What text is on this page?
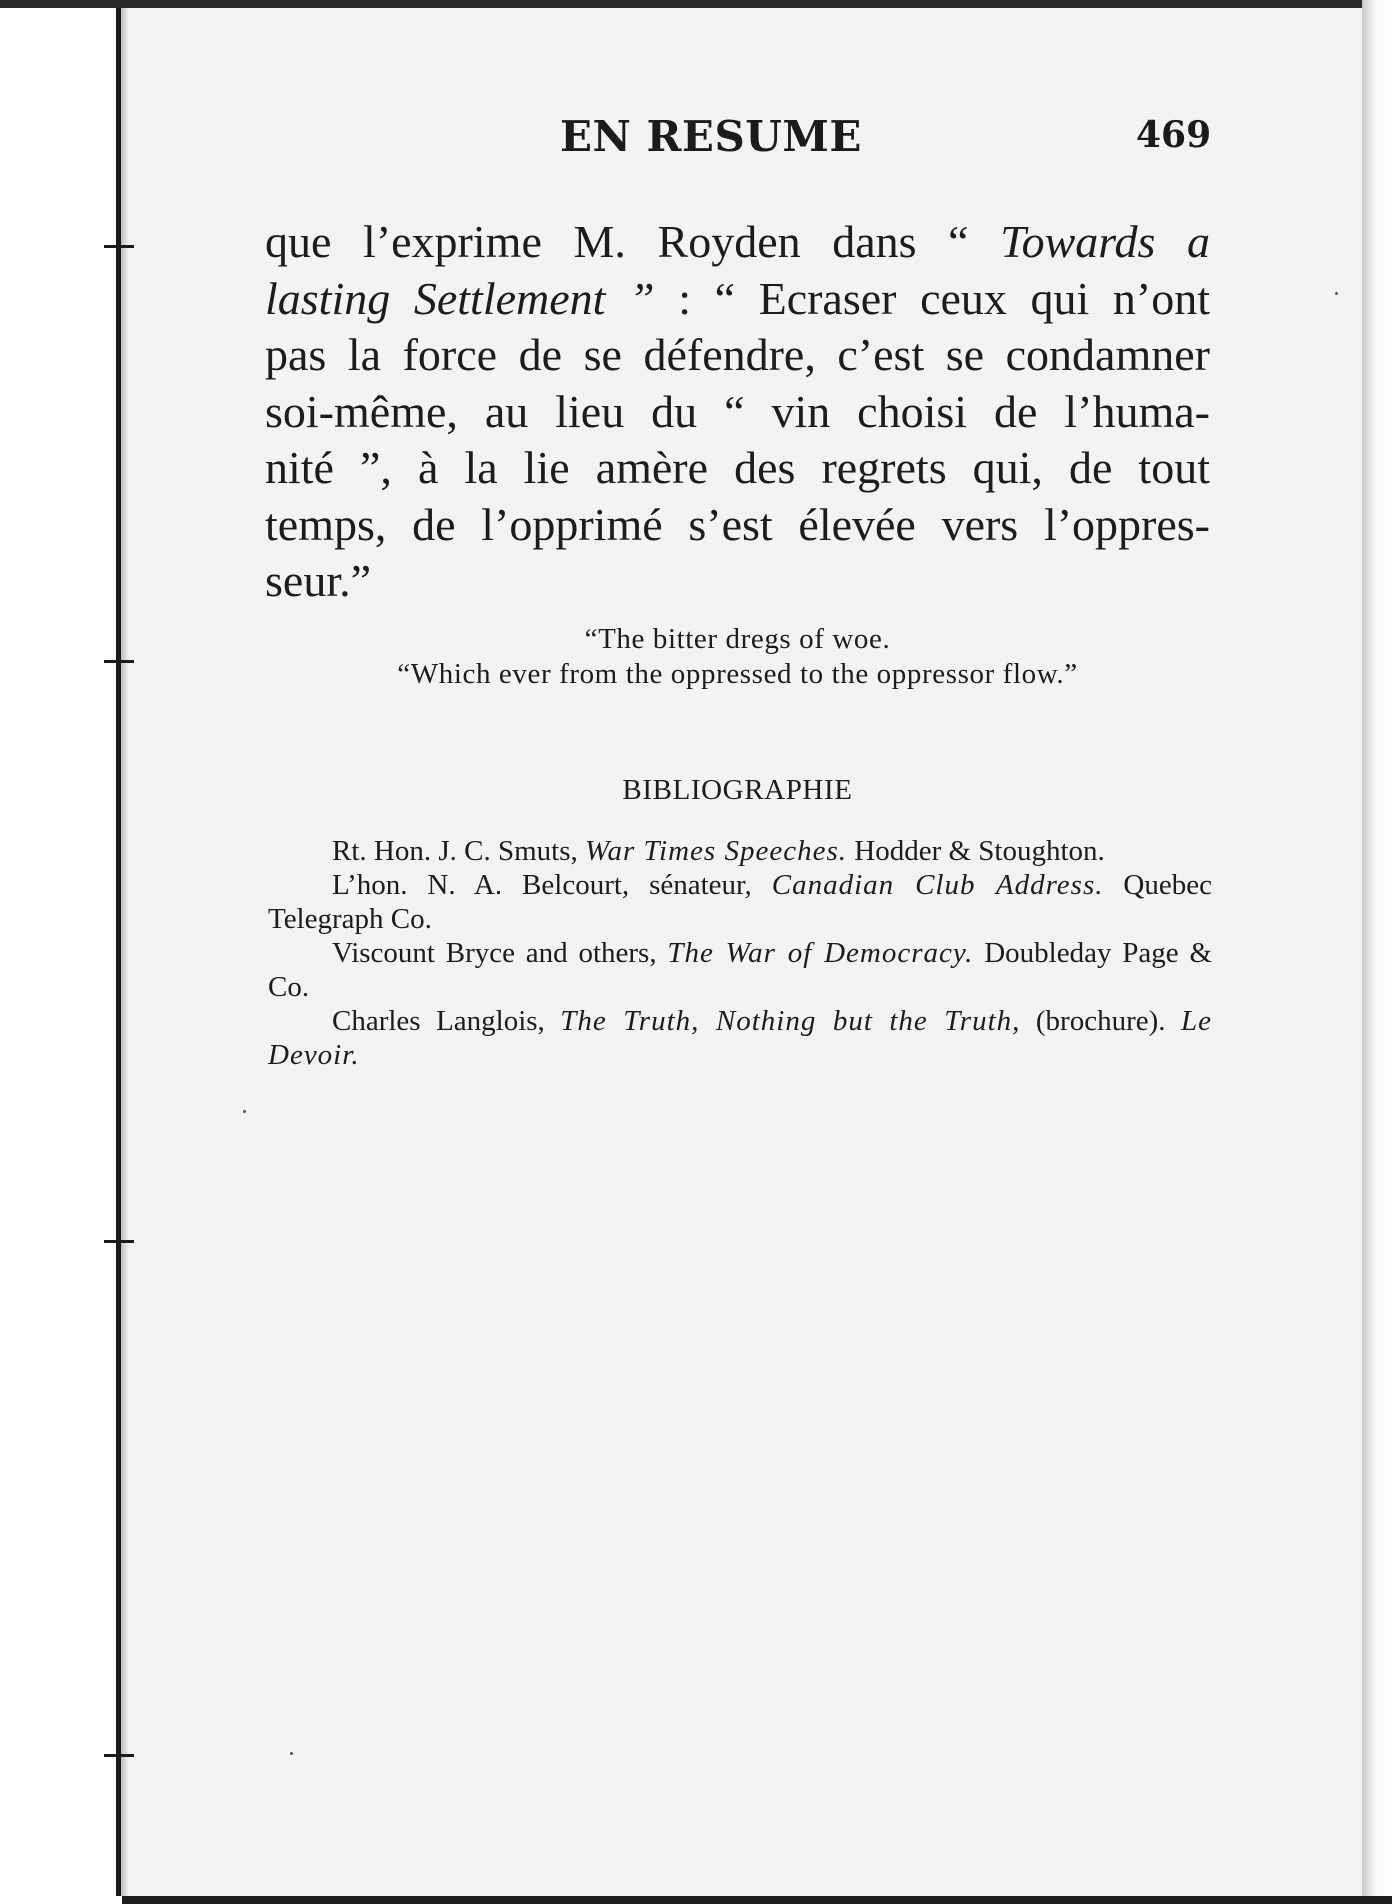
EN RESUME	469
que l’exprime M. Royden dans “ Towards a
lasting Settlement ” : “ Ecraser ceux qui n’ont
pas la force de se défendre, c’est se condamner
soi-même, au lieu du “ vin choisi de l’huma-
nité ”, à la lie amère des regrets qui, de tout
temps, de l’opprimé s’est élevée vers l’oppres-
seur.”
“The bitter dregs of woe.
“Which ever from the oppressed to the oppressor flow.”
BIBLIOGRAPHIE

Rt. Hon. J. C. Smuts, War Times Speeches. Hodder & Stoughton.

L’hon. N. A. Belcourt, sénateur, Canadian Club Address. Quebec Telegraph Co.

Viscount Bryce and others, The War of Democracy. Doubleday Page & Co.

Charles Langlois, The Truth, Nothing but the Truth, (brochure). Le Devoir.
